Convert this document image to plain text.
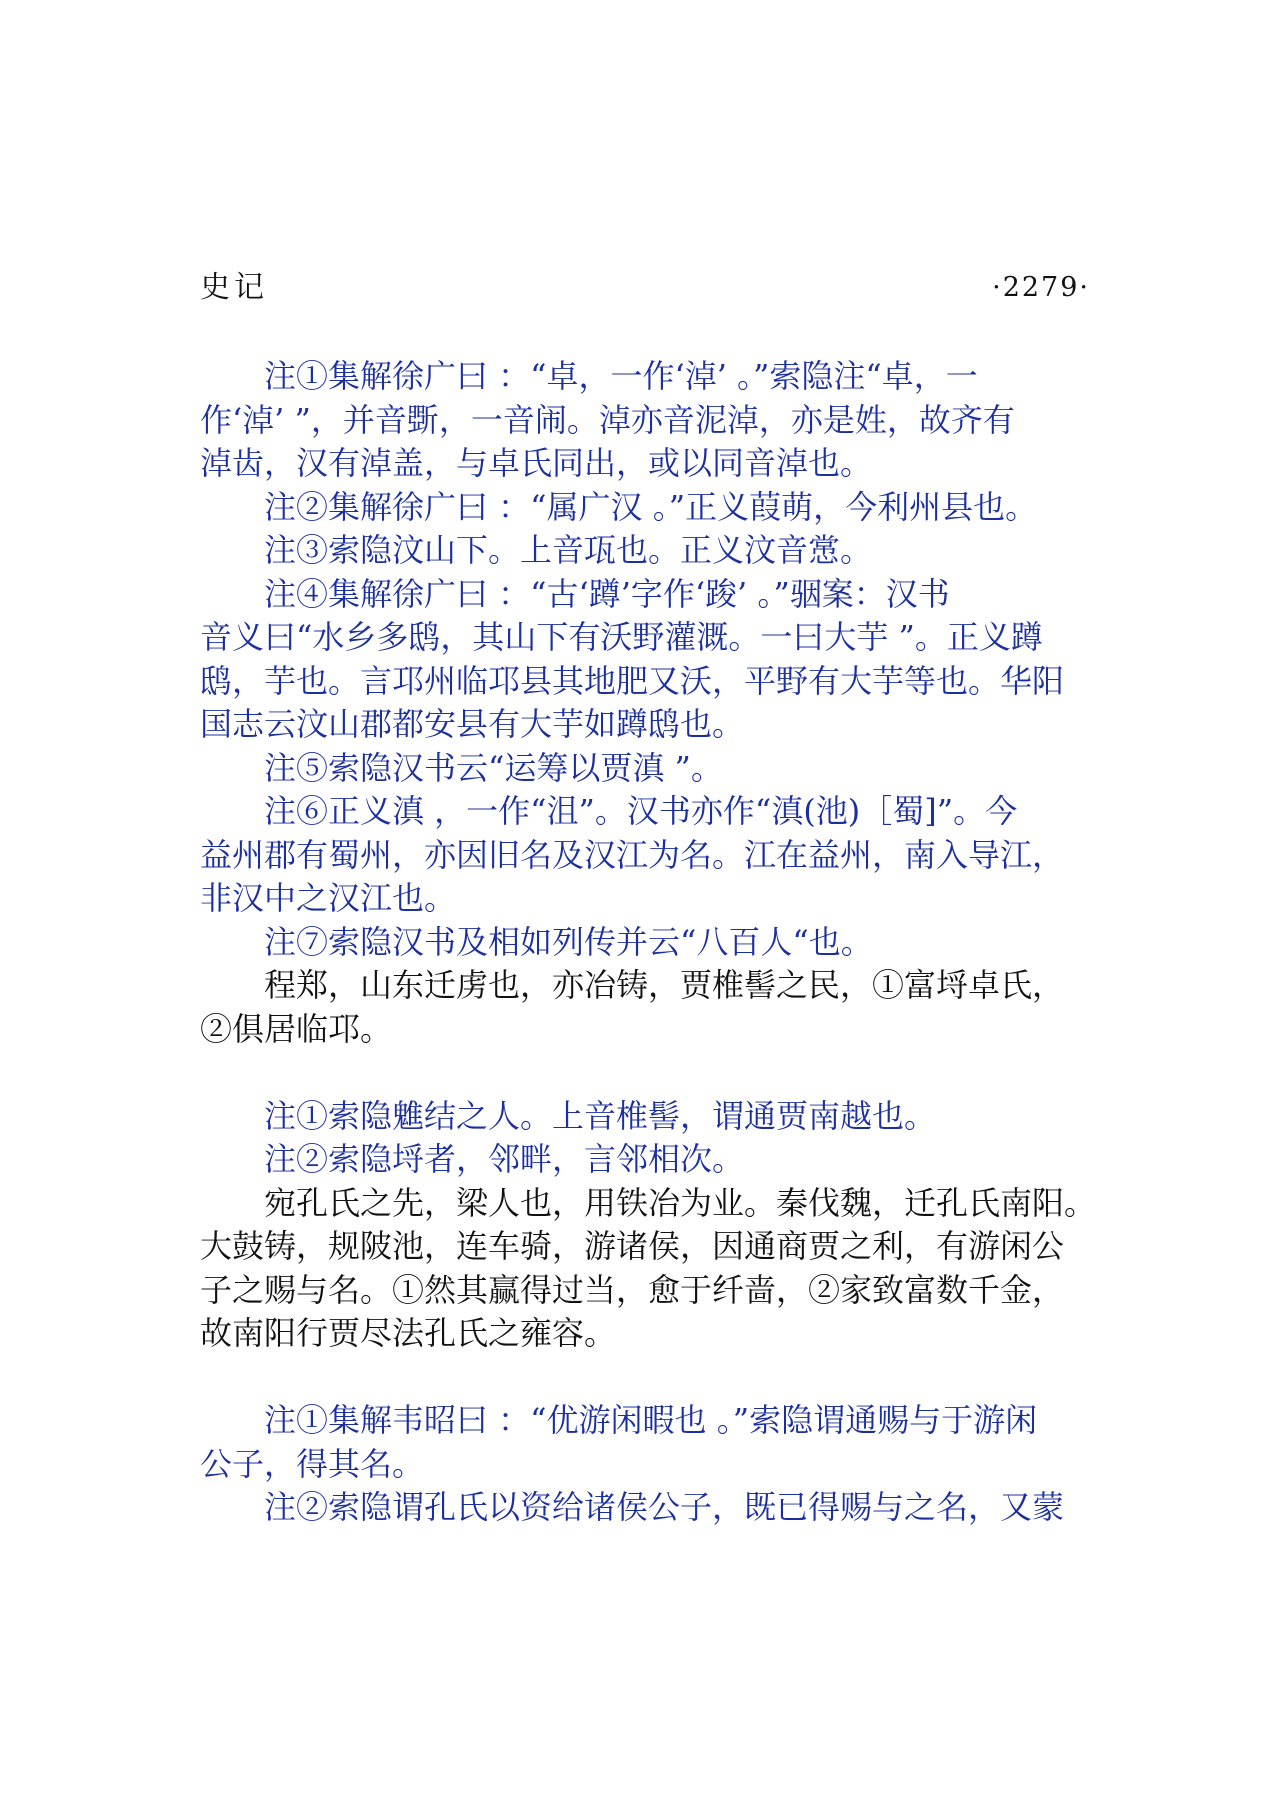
史记	·2279·

注①集解徐广曰 ：“卓，一作‘淖’ 。”索隐注“卓，一
作‘淖’ ”，并音斲，一音闹。淖亦音泥淖，亦是姓，故齐有
淖齿，汉有淖盖，与卓氏同出，或以同音淖也。

注②集解徐广曰 ：“属广汉 。”正义葭萌，今利州县也。

注③索隐汶山下。上音瓨也。正义汶音㦂。

注④集解徐广曰 ：“古‘蹲’字作‘踆’ 。”骃案：汉书
音义曰“水乡多鸱，其山下有沃野灌溉。一曰大芋 ”。正义蹲
鸱，芋也。言邛州临邛县其地肥又沃，平野有大芋等也。华阳
国志云汶山郡都安县有大芋如蹲鸱也。

注⑤索隐汉书云“运筹以贾滇 ”。

注⑥正义滇 ，一作“沮”。汉书亦作“滇(池)［蜀]”。今
益州郡有蜀州，亦因旧名及汉江为名。江在益州，南入导江，
非汉中之汉江也。

注⑦索隐汉书及相如列传并云“八百人“也。

程郑，山东迁虏也，亦冶铸，贾椎髻之民，①富埒卓氏，
②俱居临邛。

注①索隐魋结之人。上音椎髻，谓通贾南越也。

注②索隐埒者，邻畔，言邻相次。

宛孔氏之先，梁人也，用铁冶为业。秦伐魏，迁孔氏南阳。
大鼓铸，规陂池，连车骑，游诸侯，因通商贾之利，有游闲公
子之赐与名。①然其赢得过当，愈于纤啬，②家致富数千金，
故南阳行贾尽法孔氏之雍容。

注①集解韦昭曰 ：“优游闲暇也 。”索隐谓通赐与于游闲
公子，得其名。

注②索隐谓孔氏以资给诸侯公子，既已得赐与之名，又蒙
